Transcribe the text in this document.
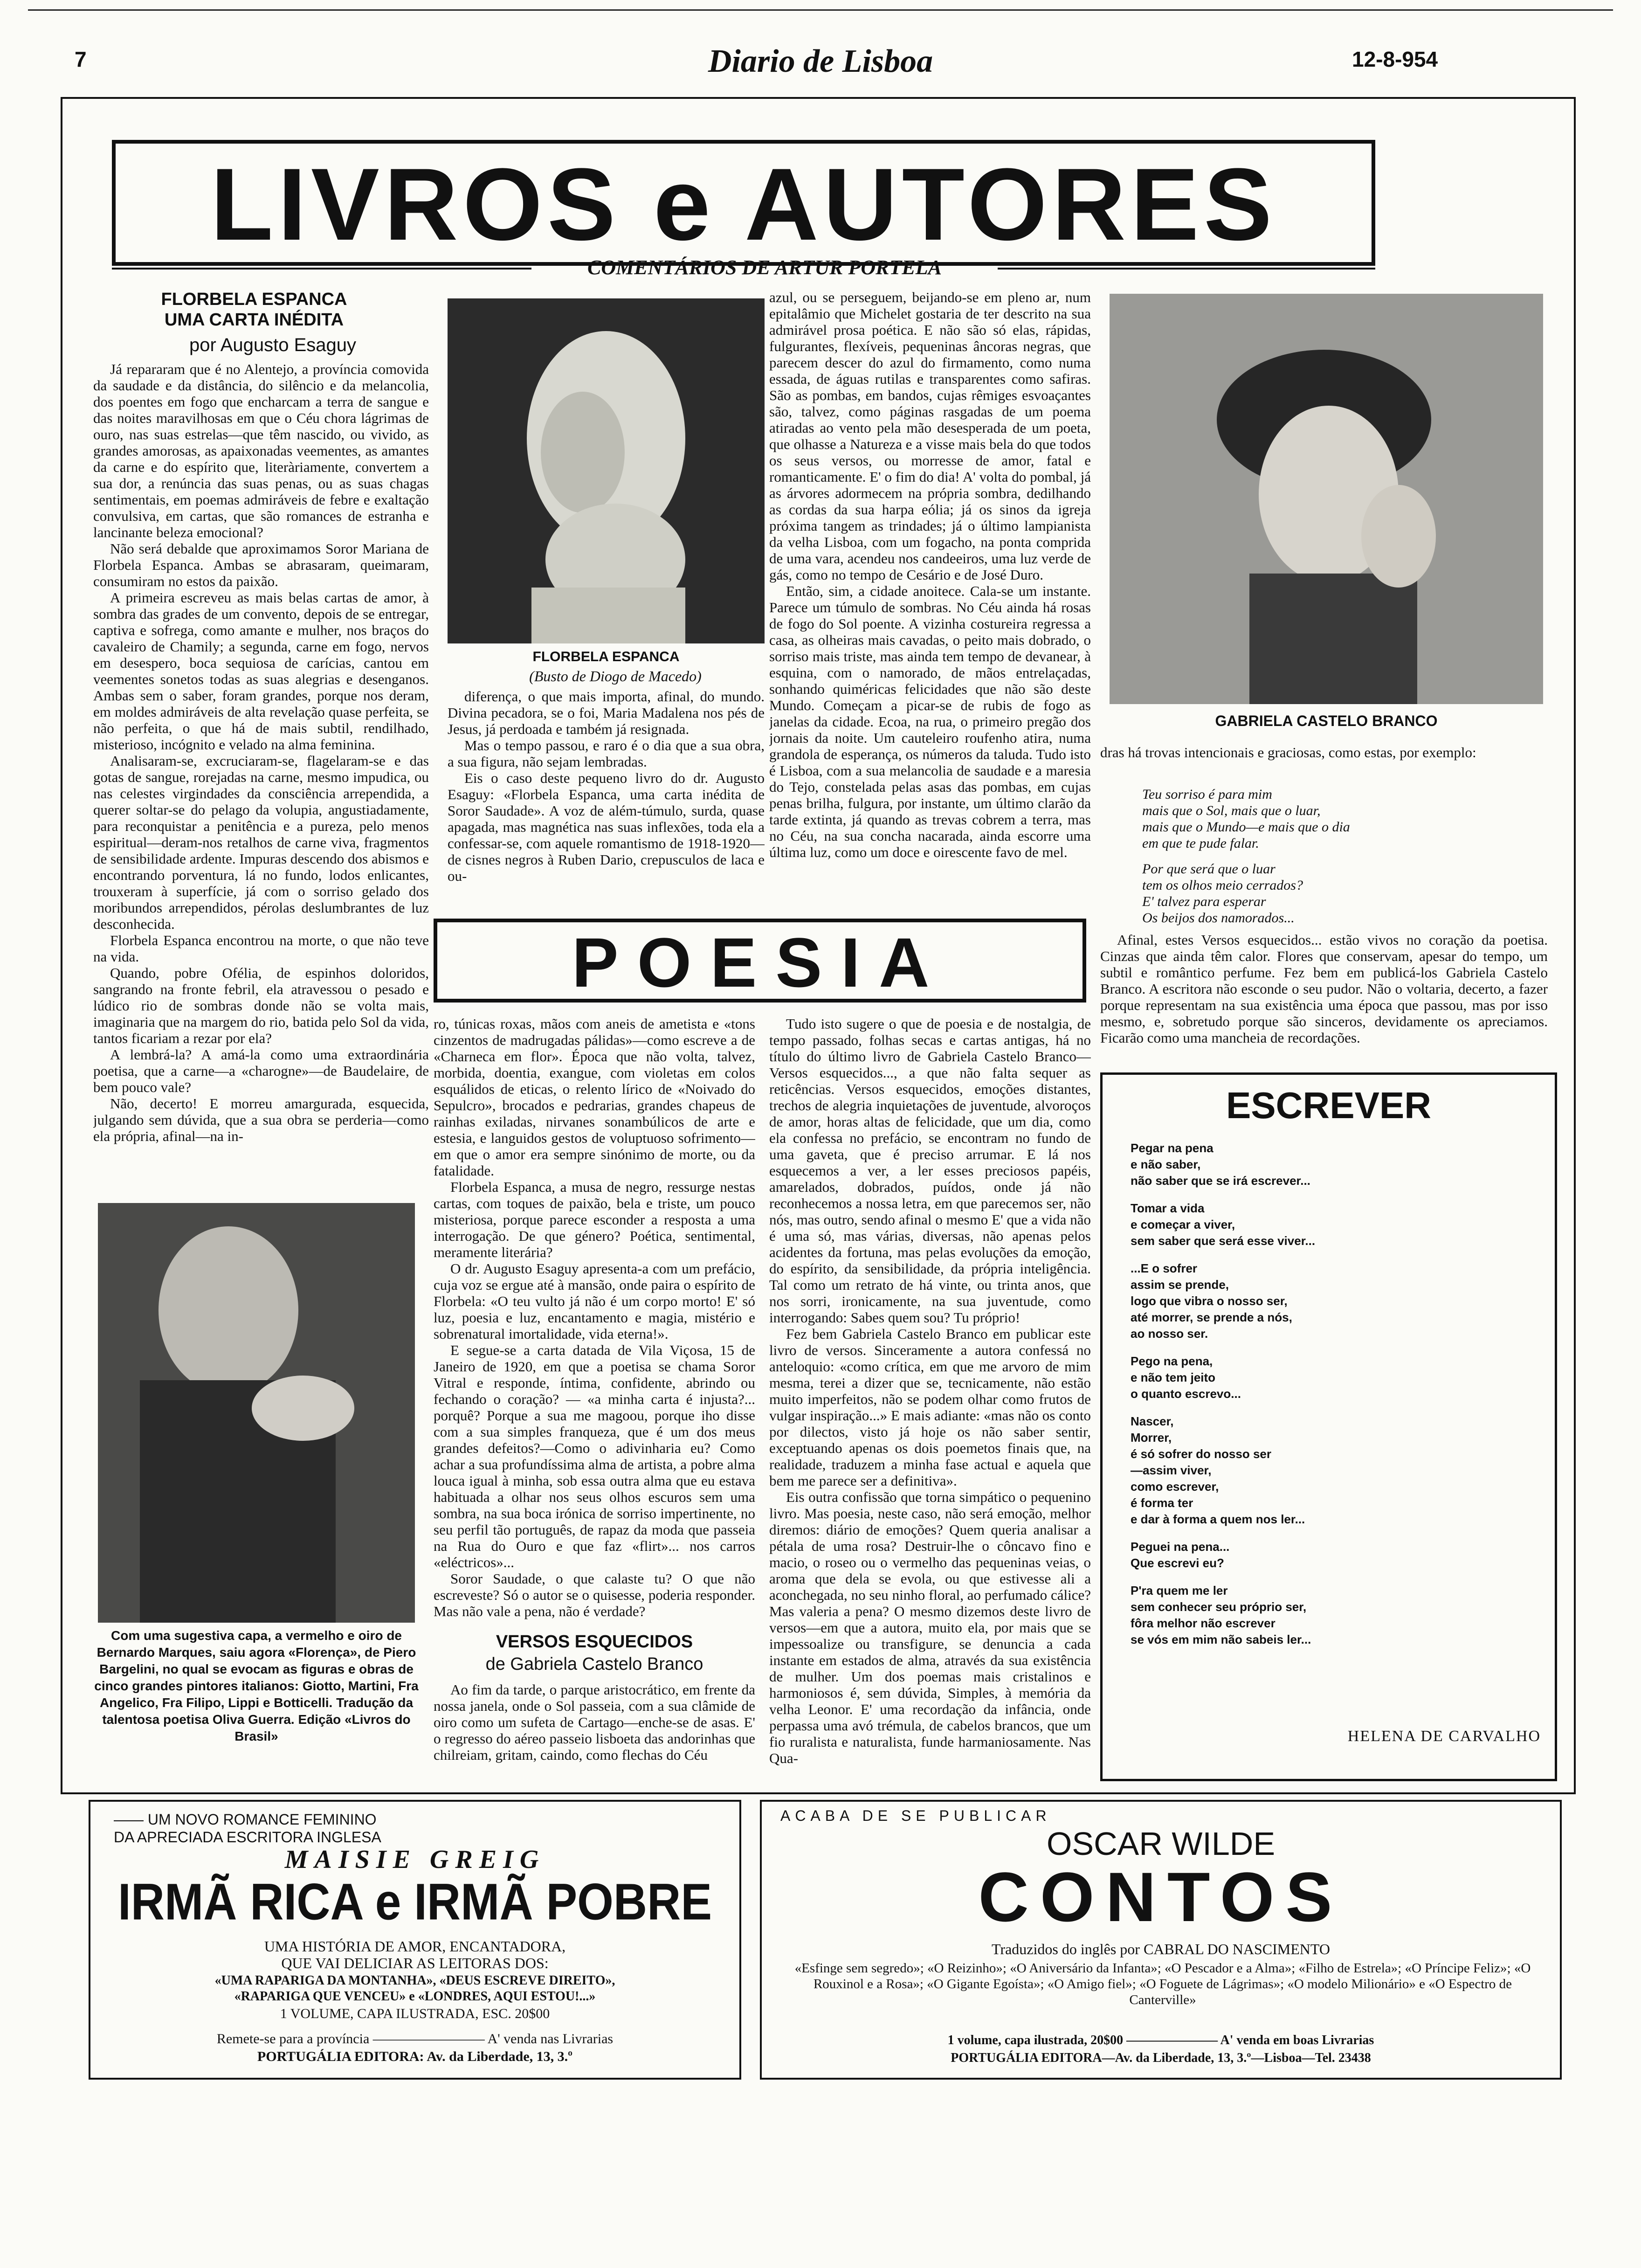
7	Diario de Lisboa	12-8-954
LIVROS e AUTORES
COMENTÁRIOS DE ARTUR PORTELA
FLORBELA ESPANCA
UMA CARTA INÉDITA
por Augusto Esaguy

Já repararam que é no Alentejo, a província comovida da saudade e da distância, do silêncio e da melancolia, dos poentes em fogo que encharcam a terra de sangue e das noites maravilhosas em que o Céu chora lágrimas de ouro, nas suas estrelas—que têm nascido, ou vivido, as grandes amorosas, as apaixonadas veementes, as amantes da carne e do espírito que, literàriamente, convertem a sua dor, a renúncia das suas penas, ou as suas chagas sentimentais, em poemas admiráveis de febre e exaltação convulsiva, em cartas, que são romances de estranha e lancinante beleza emocional?

Não será debalde que aproximamos Soror Mariana de Florbela Espanca. Ambas se abrasaram, queimaram, consumiram no estos da paixão.

A primeira escreveu as mais belas cartas de amor, à sombra das grades de um convento, depois de se entregar, captiva e sofrega, como amante e mulher, nos braços do cavaleiro de Chamily; a segunda, carne em fogo, nervos em desespero, boca sequiosa de carícias, cantou em veementes sonetos todas as suas alegrias e desenganos. Ambas sem o saber, foram grandes, porque nos deram, em moldes admiráveis de alta revelação quase perfeita, se não perfeita, o que há de mais subtil, rendilhado, misterioso, incógnito e velado na alma feminina.

Analisaram-se, excruciaram-se, flagelaram-se e das gotas de sangue, rorejadas na carne, mesmo impudica, ou nas celestes virgindades da consciência arrependida, a querer soltar-se do pelago da volupia, angustiadamente, para reconquistar a penitência e a pureza, pelo menos espiritual—deram-nos retalhos de carne viva, fragmentos de sensibilidade ardente. Impuras descendo dos abismos e encontrando porventura, lá no fundo, lodos enlicantes, trouxeram à superfície, já com o sorriso gelado dos moribundos arrependidos, pérolas deslumbrantes de luz desconhecida.

Florbela Espanca encontrou na morte, o que não teve na vida.

Quando, pobre Ofélia, de espinhos doloridos, sangrando na fronte febril, ela atravessou o pesado e lúdico rio de sombras donde não se volta mais, imaginaria que na margem do rio, batida pelo Sol da vida, tantos ficariam a rezar por ela?

A lembrá-la? A amá-la como uma extraordinária poetisa, que a carne—a «charogne»—de Baudelaire, de bem pouco vale?

Não, decerto! E morreu amargurada, esquecida, julgando sem dúvida, que a sua obra se perderia—como ela própria, afinal—na in-

FLORBELA ESPANCA
(Busto de Diogo de Macedo)

diferença, o que mais importa, afinal, do mundo. Divina pecadora, se o foi, Maria Madalena nos pés de Jesus, já perdoada e também já resignada.

Mas o tempo passou, e raro é o dia que a sua obra, a sua figura, não sejam lembradas.

Eis o caso deste pequeno livro do dr. Augusto Esaguy: «Florbela Espanca, uma carta inédita de Soror Saudade». A voz de além-túmulo, surda, quase apagada, mas magnética nas suas inflexões, toda ela a confessar-se, com aquele romantismo de 1918-1920—de cisnes negros à Ruben Dario, crepusculos de laca e ou-

azul, ou se perseguem, beijando-se em pleno ar, num epitalâmio que Michelet gostaria de ter descrito na sua admirável prosa poética. E não são só elas, rápidas, fulgurantes, flexíveis, pequeninas âncoras negras, que parecem descer do azul do firmamento, como numa essada, de águas rutilas e transparentes como safiras. São as pombas, em bandos, cujas rêmiges esvoaçantes são, talvez, como páginas rasgadas de um poema atiradas ao vento pela mão desesperada de um poeta, que olhasse a Natureza e a visse mais bela do que todos os seus versos, ou morresse de amor, fatal e romanticamente. E' o fim do dia! A' volta do pombal, já as árvores adormecem na própria sombra, dedilhando as cordas da sua harpa eólia; já os sinos da igreja próxima tangem as trindades; já o último lampianista da velha Lisboa, com um fogacho, na ponta comprida de uma vara, acendeu nos candeeiros, uma luz verde de gás, como no tempo de Cesário e de José Duro.

Então, sim, a cidade anoitece. Cala-se um instante. Parece um túmulo de sombras. No Céu ainda há rosas de fogo do Sol poente. A vizinha costureira regressa a casa, as olheiras mais cavadas, o peito mais dobrado, o sorriso mais triste, mas ainda tem tempo de devanear, à esquina, com o namorado, de mãos entrelaçadas, sonhando quiméricas felicidades que não são deste Mundo. Começam a picar-se de rubis de fogo as janelas da cidade. Ecoa, na rua, o primeiro pregão dos jornais da noite. Um cauteleiro roufenho atira, numa grandola de esperança, os números da taluda. Tudo isto é Lisboa, com a sua melancolia de saudade e a maresia do Tejo, constelada pelas asas das pombas, em cujas penas brilha, fulgura, por instante, um último clarão da tarde extinta, já quando as trevas cobrem a terra, mas no Céu, na sua concha nacarada, ainda escorre uma última luz, como um doce e oirescente favo de mel.

GABRIELA CASTELO BRANCO
dras há trovas intencionais e graciosas, como estas, por exemplo:
Teu sorriso é para mim
mais que o Sol, mais que o luar,
mais que o Mundo—e mais que o dia
em que te pude falar.
Por que será que o luar
tem os olhos meio cerrados?
E' talvez para esperar
Os beijos dos namorados...

Afinal, estes Versos esquecidos... estão vivos no coração da poetisa. Cinzas que ainda têm calor. Flores que conservam, apesar do tempo, um subtil e romântico perfume. Fez bem em publicá-los Gabriela Castelo Branco. A escritora não esconde o seu pudor. Não o voltaria, decerto, a fazer porque representam na sua existência uma época que passou, mas por isso mesmo, e, sobretudo porque são sinceros, devidamente os apreciamos. Ficarão como uma mancheia de recordações.

POESIA
Com uma sugestiva capa, a vermelho e oiro de Bernardo Marques, saiu agora «Florença», de Piero Bargelini, no qual se evocam as figuras e obras de cinco grandes pintores italianos: Giotto, Martini, Fra Angelico, Fra Filipo, Lippi e Botticelli. Tradução da talentosa poetisa Oliva Guerra. Edição «Livros do Brasil»

ro, túnicas roxas, mãos com aneis de ametista e «tons cinzentos de madrugadas pálidas»—como escreve a de «Charneca em flor». Época que não volta, talvez, morbida, doentia, exangue, com violetas em colos esquálidos de eticas, o relento lírico de «Noivado do Sepulcro», brocados e pedrarias, grandes chapeus de rainhas exiladas, nirvanes sonambúlicos de arte e estesia, e languidos gestos de voluptuoso sofrimento—em que o amor era sempre sinónimo de morte, ou da fatalidade.

Florbela Espanca, a musa de negro, ressurge nestas cartas, com toques de paixão, bela e triste, um pouco misteriosa, porque parece esconder a resposta a uma interrogação. De que género? Poética, sentimental, meramente literária?

O dr. Augusto Esaguy apresenta-a com um prefácio, cuja voz se ergue até à mansão, onde paira o espírito de Florbela: «O teu vulto já não é um corpo morto! E' só luz, poesia e luz, encantamento e magia, mistério e sobrenatural imortalidade, vida eterna!».

E segue-se a carta datada de Vila Viçosa, 15 de Janeiro de 1920, em que a poetisa se chama Soror Vitral e responde, íntima, confidente, abrindo ou fechando o coração? — «a minha carta é injusta?... porquê? Porque a sua me magoou, porque iho disse com a sua simples franqueza, que é um dos meus grandes defeitos?—Como o adivinharia eu? Como achar a sua profundíssima alma de artista, a pobre alma louca igual à minha, sob essa outra alma que eu estava habituada a olhar nos seus olhos escuros sem uma sombra, na sua boca irónica de sorriso impertinente, no seu perfil tão português, de rapaz da moda que passeia na Rua do Ouro e que faz «flirt»... nos carros «eléctricos»...

Soror Saudade, o que calaste tu? O que não escreveste? Só o autor se o quisesse, poderia responder. Mas não vale a pena, não é verdade?

VERSOS ESQUECIDOS
de Gabriela Castelo Branco

Ao fim da tarde, o parque aristocrático, em frente da nossa janela, onde o Sol passeia, com a sua clâmide de oiro como um sufeta de Cartago—enche-se de asas. E' o regresso do aéreo passeio lisboeta das andorinhas que chilreiam, gritam, caindo, como flechas do Céu

Tudo isto sugere o que de poesia e de nostalgia, de tempo passado, folhas secas e cartas antigas, há no título do último livro de Gabriela Castelo Branco—Versos esquecidos..., a que não falta sequer as reticências. Versos esquecidos, emoções distantes, trechos de alegria inquietações de juventude, alvoroços de amor, horas altas de felicidade, que um dia, como ela confessa no prefácio, se encontram no fundo de uma gaveta, que é preciso arrumar. E lá nos esquecemos a ver, a ler esses preciosos papéis, amarelados, dobrados, puídos, onde já não reconhecemos a nossa letra, em que parecemos ser, não nós, mas outro, sendo afinal o mesmo E' que a vida não é uma só, mas várias, diversas, não apenas pelos acidentes da fortuna, mas pelas evoluções da emoção, do espírito, da sensibilidade, da própria inteligência. Tal como um retrato de há vinte, ou trinta anos, que nos sorri, ironicamente, na sua juventude, como interrogando: Sabes quem sou? Tu próprio!

Fez bem Gabriela Castelo Branco em publicar este livro de versos. Sinceramente a autora confessá no anteloquio: «como crítica, em que me arvoro de mim mesma, terei a dizer que se, tecnicamente, não estão muito imperfeitos, não se podem olhar como frutos de vulgar inspiração...» E mais adiante: «mas não os conto por dilectos, visto já hoje os não saber sentir, exceptuando apenas os dois poemetos finais que, na realidade, traduzem a minha fase actual e aquela que bem me parece ser a definitiva».

Eis outra confissão que torna simpático o pequenino livro. Mas poesia, neste caso, não será emoção, melhor diremos: diário de emoções? Quem queria analisar a pétala de uma rosa? Destruir-lhe o côncavo fino e macio, o roseo ou o vermelho das pequeninas veias, o aroma que dela se evola, ou que estivesse ali a aconchegada, no seu ninho floral, ao perfumado cálice? Mas valeria a pena? O mesmo dizemos deste livro de versos—em que a autora, muito ela, por mais que se impessoalize ou transfigure, se denuncia a cada instante em estados de alma, através da sua existência de mulher. Um dos poemas mais cristalinos e harmoniosos é, sem dúvida, Simples, à memória da velha Leonor. E' uma recordação da infância, onde perpassa uma avó trémula, de cabelos brancos, que um fio ruralista e naturalista, funde harmaniosamente. Nas Qua-

ESCREVER
Pegar na pena
e não saber,
não saber que se irá escrever...
Tomar a vida
e começar a viver,
sem saber que será esse viver...
...E o sofrer
assim se prende,
logo que vibra o nosso ser,
até morrer, se prende a nós,
ao nosso ser.
Pego na pena,
e não tem jeito
o quanto escrevo...
Nascer,
Morrer,
é só sofrer do nosso ser
—assim viver,
como escrever,
é forma ter
e dar à forma a quem nos ler...
Peguei na pena...
Que escrevi eu?
P'ra quem me ler
sem conhecer seu próprio ser,
fôra melhor não escrever
se vós em mim não sabeis ler...
HELENA DE CARVALHO
—— UM NOVO ROMANCE FEMININO
DA APRECIADA ESCRITORA INGLESA
MAISIE GREIG
IRMÃ RICA e IRMÃ POBRE
UMA HISTÓRIA DE AMOR, ENCANTADORA,
QUE VAI DELICIAR AS LEITORAS DOS:
«UMA RAPARIGA DA MONTANHA», «DEUS ESCREVE DIREITO»,
«RAPARIGA QUE VENCEU» e «LONDRES, AQUI ESTOU!...»
1 VOLUME, CAPA ILUSTRADA, ESC. 20$00
Remete-se para a província ———————— A' venda nas Livrarias
PORTUGÁLIA EDITORA: Av. da Liberdade, 13, 3.º
ACABA DE SE PUBLICAR
OSCAR WILDE
CONTOS
Traduzidos do inglês por CABRAL DO NASCIMENTO
«Esfinge sem segredo»; «O Reizinho»; «O Aniversário da Infanta»; «O Pescador e a Alma»; «Filho de Estrela»; «O Príncipe Feliz»; «O Rouxinol e a Rosa»; «O Gigante Egoísta»; «O Amigo fiel»; «O Foguete de Lágrimas»; «O modelo Milionário» e «O Espectro de Canterville»
1 volume, capa ilustrada, 20$00 ——————— A' venda em boas Livrarias
PORTUGÁLIA EDITORA—Av. da Liberdade, 13, 3.º—Lisboa—Tel. 23438
